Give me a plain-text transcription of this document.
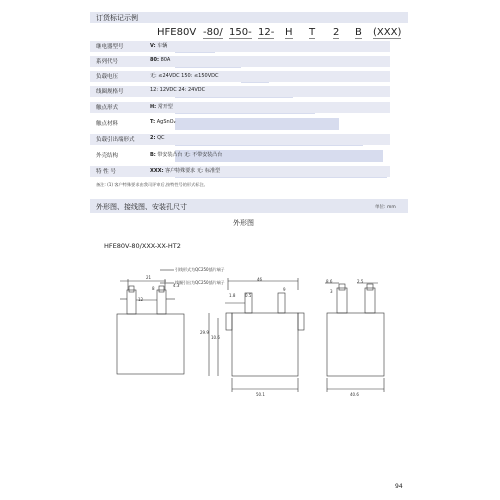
订货标记示例
HFE80V -80/ 150- 12- H T 2 B (XXX)
继电器型号	V: 车辆
系列代号	80: 80A
负载电压	无: ≤24VDC 150: ≤150VDC
线圈规格号	12: 12VDC 24: 24VDC
触点形式	H: 常开型
触点材料	T: AgSnO₂
负载引出端形式	2: QC
外壳结构	B: 带安装凸台 无: 不带安装凸台
特 性 号	XXX: 客户特殊要求 无: 标准型
备注: (1) 客户特殊要求由我司评审后,按特性号的形式标注。
外形图、接线图、安装孔尺寸	单位: mm
外形图
HFE80V-80/XXX-XX-HT2
21
8
4.3
12
引线形式为QC250插片端子
线圈引出为QC250插片端子
46
1.8 0.5
9
29.9
10.6
50.1
8.6	2.5
3
40.6
94
